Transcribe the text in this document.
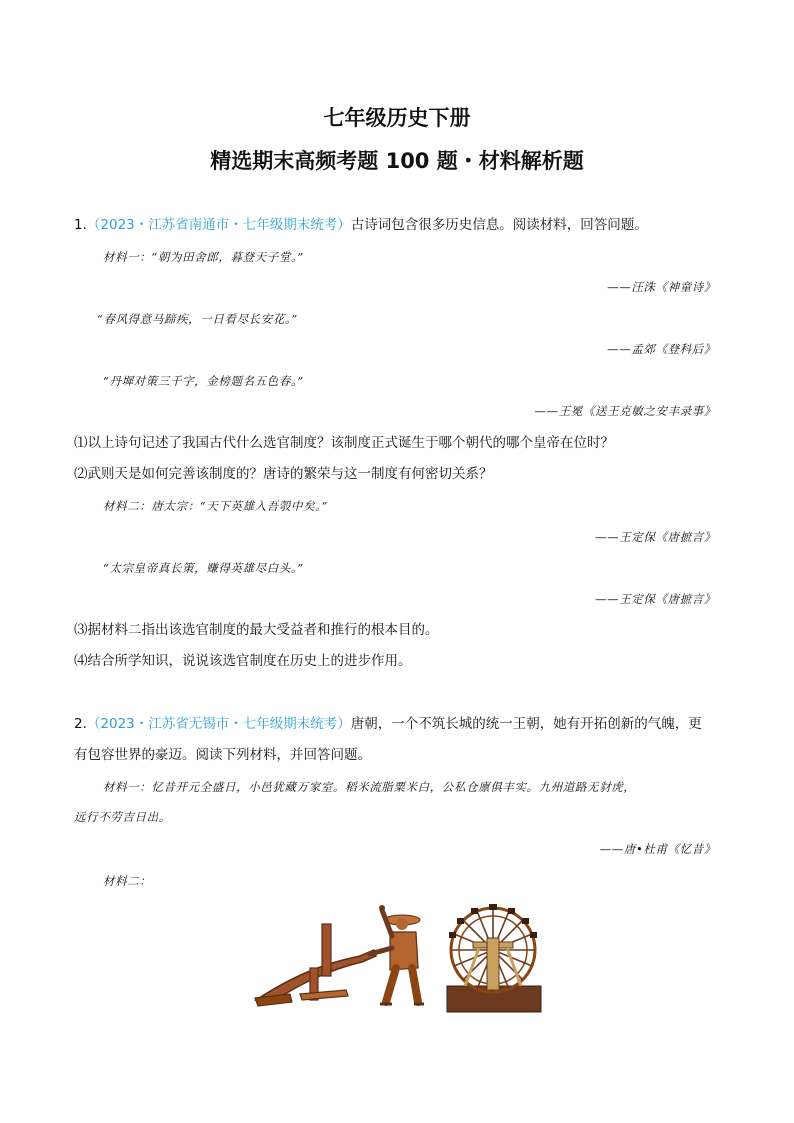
七年级历史下册
精选期末高频考题 100 题・材料解析题
1.（2023・江苏省南通市・七年级期末统考）古诗词包含很多历史信息。阅读材料，回答问题。
材料一：“朝为田舍郎，暮登天子堂。”
——汪洙《神童诗》
“春风得意马蹄疾，一日看尽长安花。”
——孟郊《登科后》
“丹墀对策三千字，金榜题名五色春。”
——王冕《送王克敏之安丰录事》
⑴以上诗句记述了我国古代什么选官制度？该制度正式诞生于哪个朝代的哪个皇帝在位时？
⑵武则天是如何完善该制度的？唐诗的繁荣与这一制度有何密切关系？
材料二：唐太宗：“天下英雄入吾彀中矣。”
——王定保《唐摭言》
“太宗皇帝真长策，赚得英雄尽白头。”
——王定保《唐摭言》
⑶据材料二指出该选官制度的最大受益者和推行的根本目的。
⑷结合所学知识，说说该选官制度在历史上的进步作用。
2.（2023・江苏省无锡市・七年级期末统考）唐朝，一个不筑长城的统一王朝，她有开拓创新的气魄，更
有包容世界的豪迈。阅读下列材料，并回答问题。
材料一：忆昔开元全盛日，小邑犹藏万家室。稻米流脂粟米白，公私仓廪俱丰实。九州道路无豺虎，
远行不劳吉日出。
——唐•杜甫《忆昔》
材料二：
